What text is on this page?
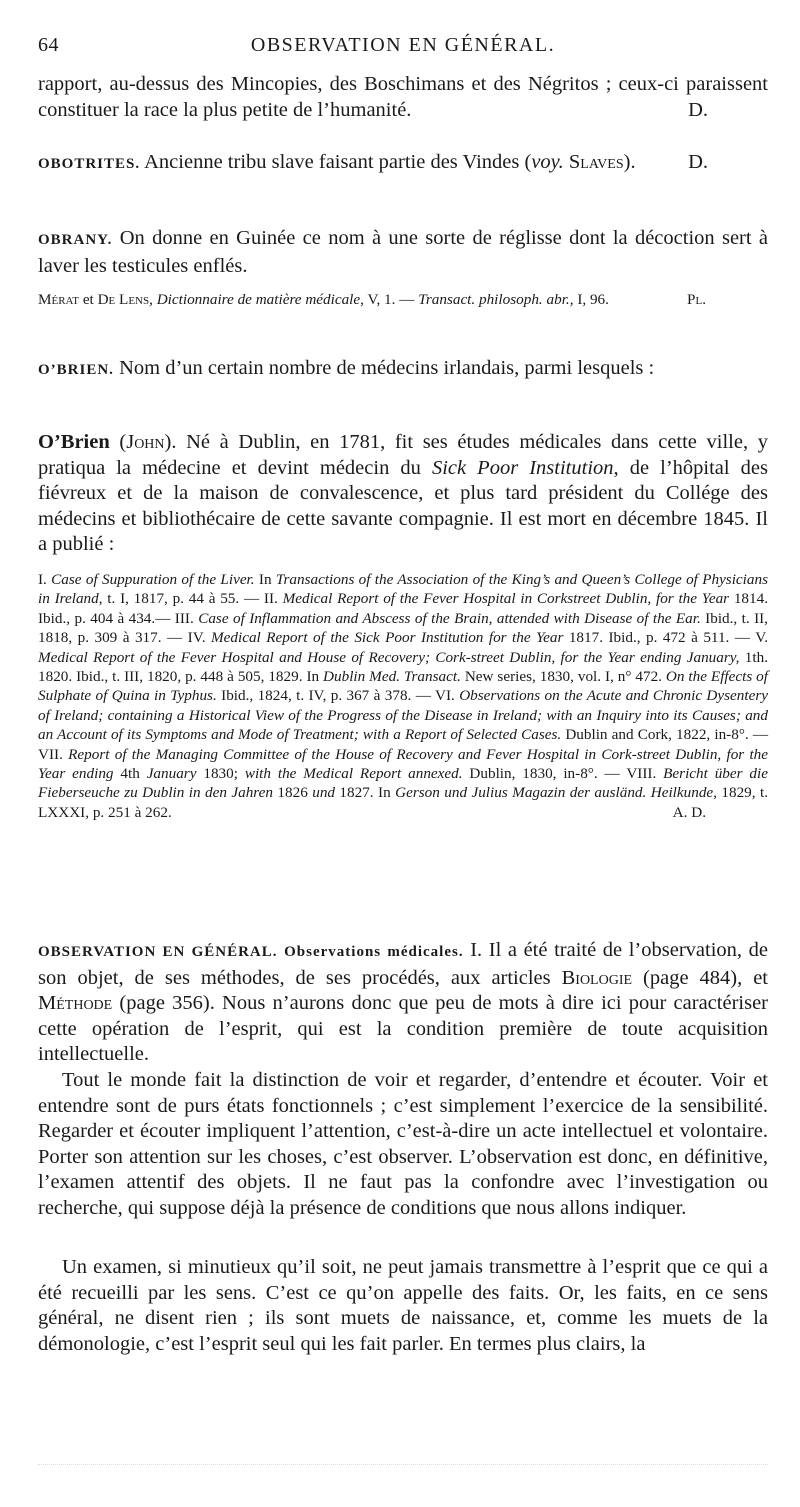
64	OBSERVATION EN GÉNÉRAL.
rapport, au-dessus des Mincopies, des Boschimans et des Négritos ; ceux-ci paraissent constituer la race la plus petite de l’humanité.	D.
OBOTRITES. Ancienne tribu slave faisant partie des Vindes (voy. Slaves).	D.
OBRANY. On donne en Guinée ce nom à une sorte de réglisse dont la décoction sert à laver les testicules enflés.
Mérat et De Lens, Dictionnaire de matière médicale, V, 1. — Transact. philosoph. abr., I, 96.	Pl.
O’BRIEN. Nom d’un certain nombre de médecins irlandais, parmi lesquels :
O’Brien (John). Né à Dublin, en 1781, fit ses études médicales dans cette ville, y pratiqua la médecine et devint médecin du Sick Poor Institution, de l’hôpital des fiévreux et de la maison de convalescence, et plus tard président du Collége des médecins et bibliothécaire de cette savante compagnie. Il est mort en décembre 1845. Il a publié :
I. Case of Suppuration of the Liver. In Transactions of the Association of the King’s and Queen’s College of Physicians in Ireland, t. I, 1817, p. 44 à 55. — II. Medical Report of the Fever Hospital in Corkstreet Dublin, for the Year 1814. Ibid., p. 404 à 434.— III. Case of Inflammation and Abscess of the Brain, attended with Disease of the Ear. Ibid., t. II, 1818, p. 309 à 317. — IV. Medical Report of the Sick Poor Institution for the Year 1817. Ibid., p. 472 à 511. — V. Medical Report of the Fever Hospital and House of Recovery; Cork-street Dublin, for the Year ending January, 1th. 1820. Ibid., t. III, 1820, p. 448 à 505, 1829. In Dublin Med. Transact. New series, 1830, vol. I, n° 472. On the Effects of Sulphate of Quina in Typhus. Ibid., 1824, t. IV, p. 367 à 378. — VI. Observations on the Acute and Chronic Dysentery of Ireland; containing a Historical View of the Progress of the Disease in Ireland; with an Inquiry into its Causes; and an Account of its Symptoms and Mode of Treatment; with a Report of Selected Cases. Dublin and Cork, 1822, in-8°. — VII. Report of the Managing Committee of the House of Recovery and Fever Hospital in Cork-street Dublin, for the Year ending 4th January 1830; with the Medical Report annexed. Dublin, 1830, in-8°. — VIII. Bericht über die Fieberseuche zu Dublin in den Jahren 1826 und 1827. In Gerson und Julius Magazin der ausländ. Heilkunde, 1829, t. LXXXI, p. 251 à 262.	A. D.
OBSERVATION EN GÉNÉRAL. Observations médicales. I. Il a été traité de l’observation, de son objet, de ses méthodes, de ses procédés, aux articles Biologie (page 484), et Méthode (page 356). Nous n’aurons donc que peu de mots à dire ici pour caractériser cette opération de l’esprit, qui est la condition première de toute acquisition intellectuelle.
Tout le monde fait la distinction de voir et regarder, d’entendre et écouter. Voir et entendre sont de purs états fonctionnels ; c’est simplement l’exercice de la sensibilité. Regarder et écouter impliquent l’attention, c’est-à-dire un acte intellectuel et volontaire. Porter son attention sur les choses, c’est observer. L’observation est donc, en définitive, l’examen attentif des objets. Il ne faut pas la confondre avec l’investigation ou recherche, qui suppose déjà la présence de conditions que nous allons indiquer.
Un examen, si minutieux qu’il soit, ne peut jamais transmettre à l’esprit que ce qui a été recueilli par les sens. C’est ce qu’on appelle des faits. Or, les faits, en ce sens général, ne disent rien ; ils sont muets de naissance, et, comme les muets de la démonologie, c’est l’esprit seul qui les fait parler. En termes plus clairs, la
